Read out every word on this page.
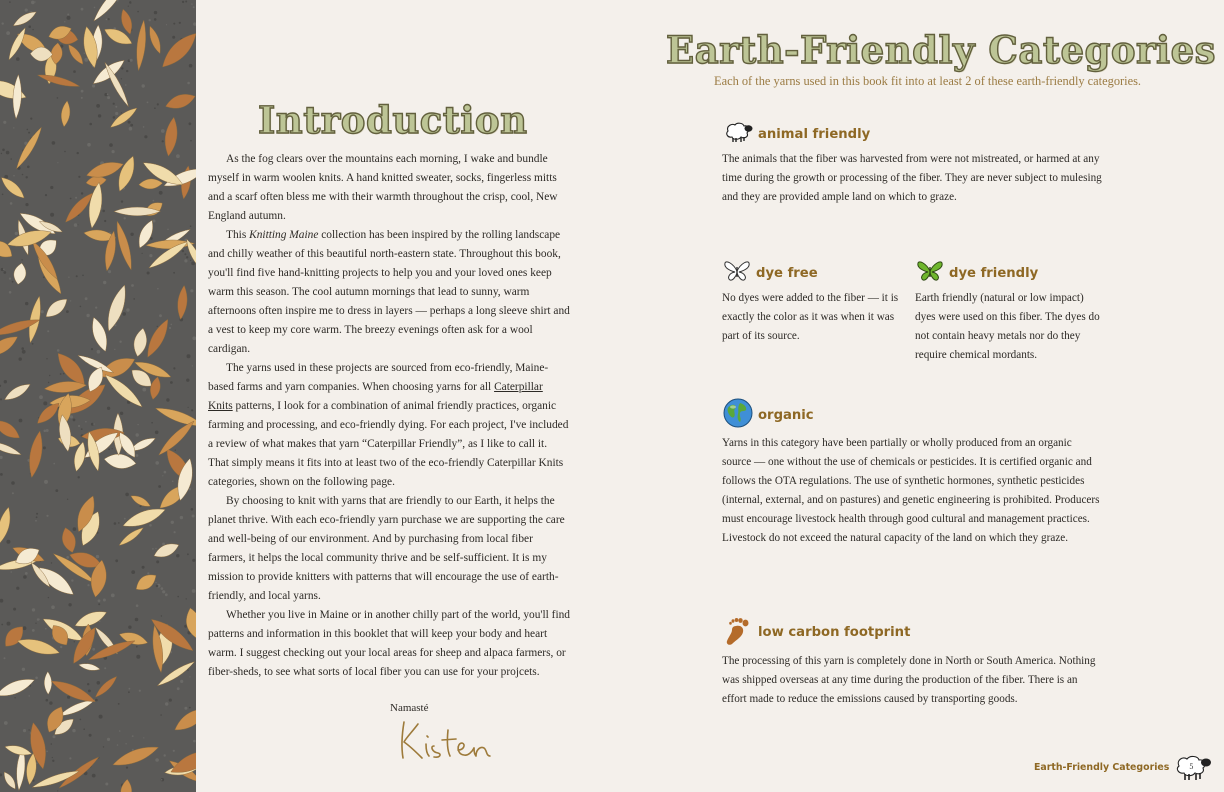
Introduction

As the fog clears over the mountains each morning, I wake and bundle myself in warm woolen knits. A hand knitted sweater, socks, fingerless mitts and a scarf often bless me with their warmth throughout the crisp, cool, New England autumn.

This Knitting Maine collection has been inspired by the rolling landscape and chilly weather of this beautiful north-eastern state. Throughout this book, you'll find five hand-knitting projects to help you and your loved ones keep warm this season. The cool autumn mornings that lead to sunny, warm afternoons often inspire me to dress in layers — perhaps a long sleeve shirt and a vest to keep my core warm. The breezy evenings often ask for a wool cardigan.

The yarns used in these projects are sourced from eco-friendly, Maine-based farms and yarn companies. When choosing yarns for all Caterpillar Knits patterns, I look for a combination of animal friendly practices, organic farming and processing, and eco-friendly dying. For each project, I've included a review of what makes that yarn “Caterpillar Friendly”, as I like to call it. That simply means it fits into at least two of the eco-friendly Caterpillar Knits categories, shown on the following page.

By choosing to knit with yarns that are friendly to our Earth, it helps the planet thrive. With each eco-friendly yarn purchase we are supporting the care and well-being of our environment. And by purchasing from local fiber farmers, it helps the local community thrive and be self-sufficient. It is my mission to provide knitters with patterns that will encourage the use of earth-friendly, and local yarns.

Whether you live in Maine or in another chilly part of the world, you'll find patterns and information in this booklet that will keep your body and heart warm. I suggest checking out your local areas for sheep and alpaca farmers, or fiber-sheds, to see what sorts of local fiber you can use for your projcets.

Namasté
Earth-Friendly Categories
Each of the yarns used in this book fit into at least 2 of these earth-friendly categories.
animal friendly

The animals that the fiber was harvested from were not mistreated, or harmed at any time during the growth or processing of the fiber. They are never subject to mulesing and they are provided ample land on which to graze.

dye free

No dyes were added to the fiber — it is exactly the color as it was when it was part of its source.

dye friendly

Earth friendly (natural or low impact) dyes were used on this fiber. The dyes do not contain heavy metals nor do they require chemical mordants.

organic

Yarns in this category have been partially or wholly produced from an organic source — one without the use of chemicals or pesticides. It is certified organic and follows the OTA regulations. The use of synthetic hormones, synthetic pesticides (internal, external, and on pastures) and genetic engineering is prohibited. Producers must encourage livestock health through good cultural and management practices. Livestock do not exceed the natural capacity of the land on which they graze.

low carbon footprint

The processing of this yarn is completely done in North or South America. Nothing was shipped overseas at any time during the production of the fiber. There is an effort made to reduce the emissions caused by transporting goods.

Earth-Friendly Categories	5
